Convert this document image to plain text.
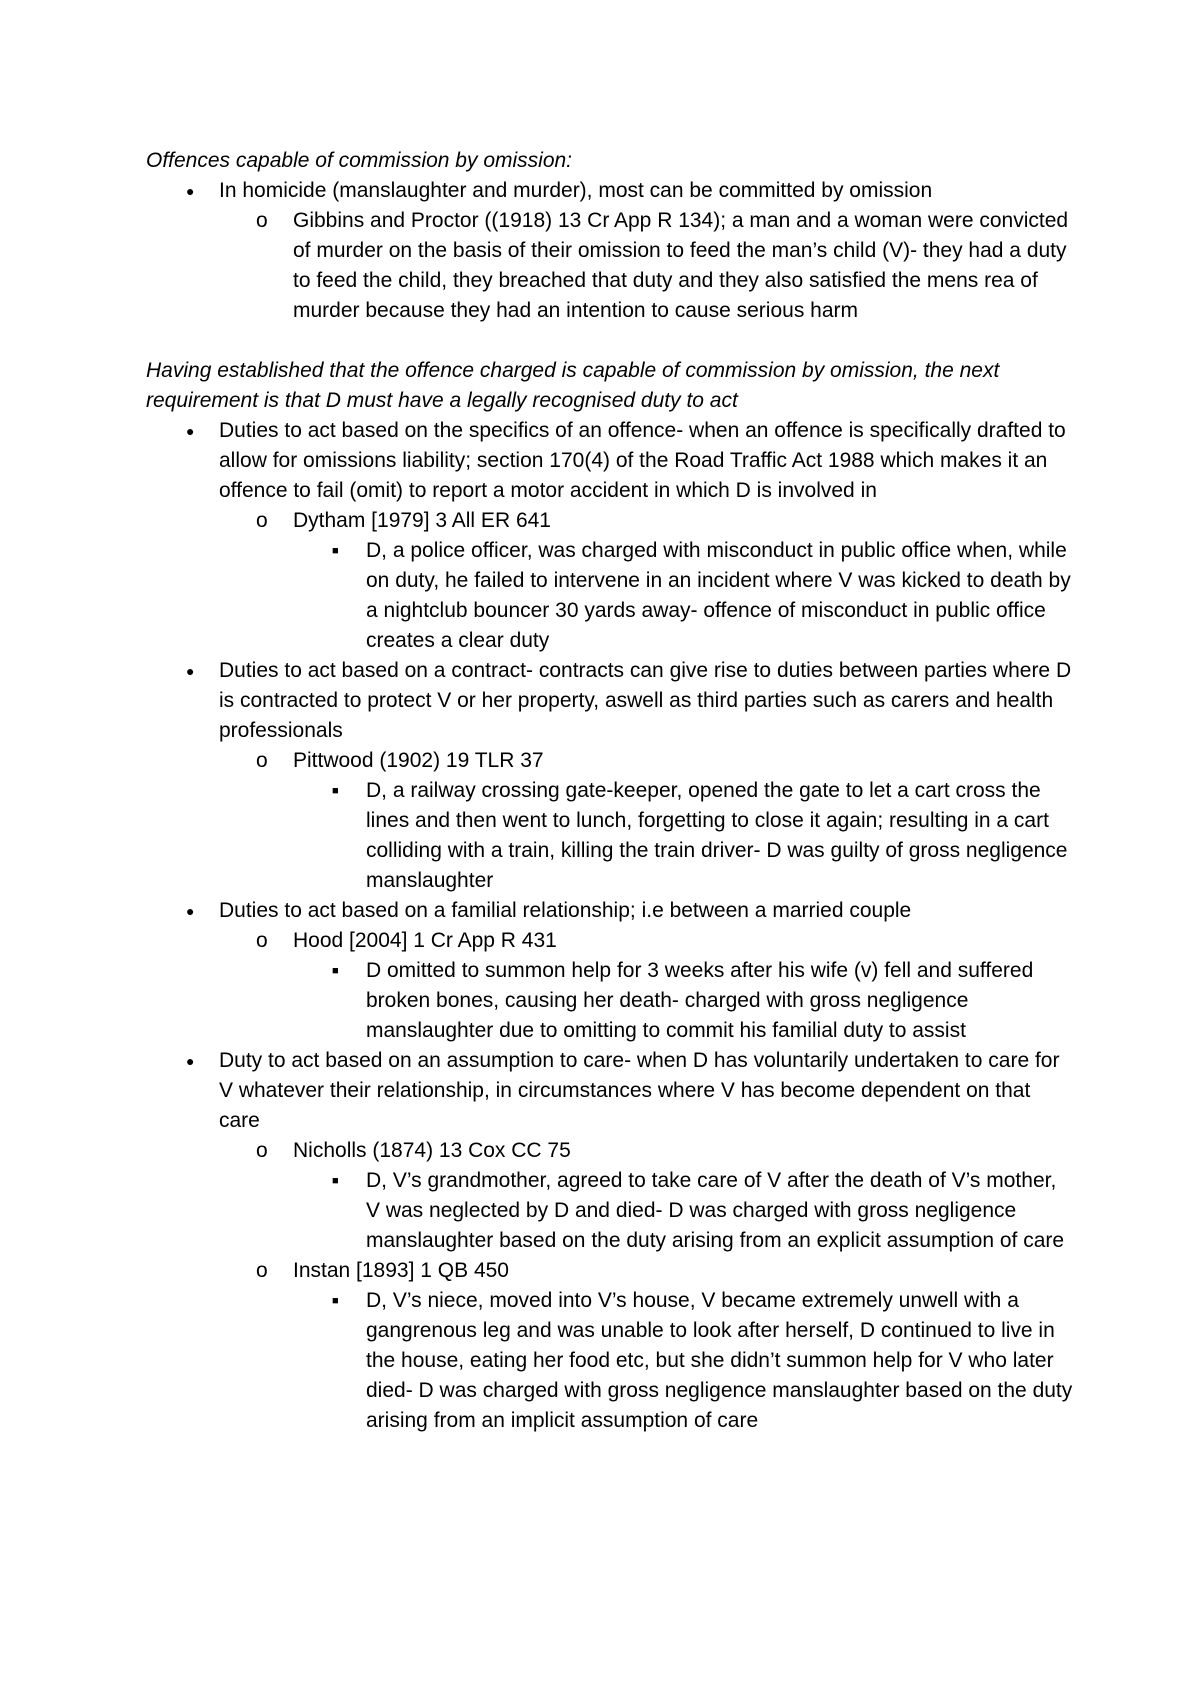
Offences capable of commission by omission:

● In homicide (manslaughter and murder), most can be committed by omission
o Gibbins and Proctor ((1918) 13 Cr App R 134); a man and a woman were convicted of murder on the basis of their omission to feed the man’s child (V)- they had a duty to feed the child, they breached that duty and they also satisfied the mens rea of murder because they had an intention to cause serious harm

Having established that the offence charged is capable of commission by omission, the next requirement is that D must have a legally recognised duty to act

● Duties to act based on the specifics of an offence- when an offence is specifically drafted to allow for omissions liability; section 170(4) of the Road Traffic Act 1988 which makes it an offence to fail (omit) to report a motor accident in which D is involved in
o Dytham [1979] 3 All ER 641
■ D, a police officer, was charged with misconduct in public office when, while on duty, he failed to intervene in an incident where V was kicked to death by a nightclub bouncer 30 yards away- offence of misconduct in public office creates a clear duty
● Duties to act based on a contract- contracts can give rise to duties between parties where D is contracted to protect V or her property, aswell as third parties such as carers and health professionals
o Pittwood (1902) 19 TLR 37
■ D, a railway crossing gate-keeper, opened the gate to let a cart cross the lines and then went to lunch, forgetting to close it again; resulting in a cart colliding with a train, killing the train driver- D was guilty of gross negligence manslaughter
● Duties to act based on a familial relationship; i.e between a married couple
o Hood [2004] 1 Cr App R 431
■ D omitted to summon help for 3 weeks after his wife (v) fell and suffered broken bones, causing her death- charged with gross negligence manslaughter due to omitting to commit his familial duty to assist
● Duty to act based on an assumption to care- when D has voluntarily undertaken to care for V whatever their relationship, in circumstances where V has become dependent on that care
o Nicholls (1874) 13 Cox CC 75
■ D, V’s grandmother, agreed to take care of V after the death of V’s mother, V was neglected by D and died- D was charged with gross negligence manslaughter based on the duty arising from an explicit assumption of care
o Instan [1893] 1 QB 450
■ D, V’s niece, moved into V’s house, V became extremely unwell with a gangrenous leg and was unable to look after herself, D continued to live in the house, eating her food etc, but she didn’t summon help for V who later died- D was charged with gross negligence manslaughter based on the duty arising from an implicit assumption of care
